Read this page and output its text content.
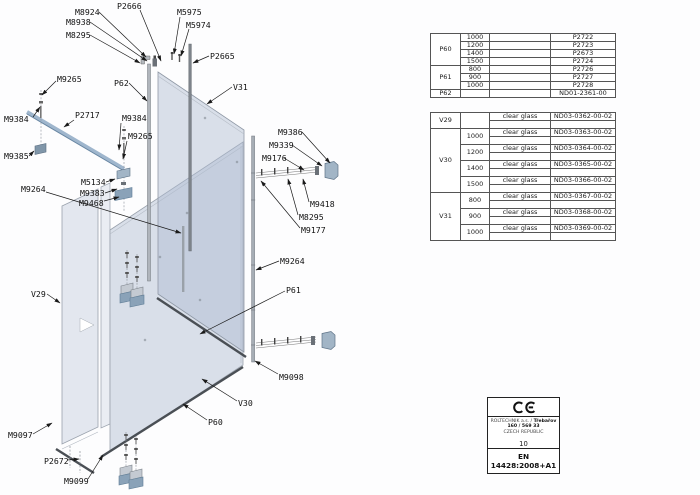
M8924
M8938
M8295
P2666
M5975
M5974
P2665
P62	V31
M9265
M9384	P2717	M9384
M9265
M9385
M5134
M9383
M9468
M9264
M9386
M9339
M9176
M9418
M8295
M9177
M9264
P61
M9098
V30
P60
V29
M9097
P2672
M9099
P60	1000		P2722
	1200		P2723
	1400		P2673
	1500		P2724
P61	800		P2726
	900		P2727
	1000		P2728
P62			ND01-2361-00
V29		clear glass	ND03-0362-00-02

V30	1000	clear glass	ND03-0363-00-02

	1200	clear glass	ND03-0364-00-02

	1400	clear glass	ND03-0365-00-02

	1500	clear glass	ND03-0366-00-02

V31	800	clear glass	ND03-0367-00-02

	900	clear glass	ND03-0368-00-02

	1000	clear glass	ND03-0369-00-02

ROLTECHNIK a.s. / Třebařov 160 / 569 33
CZECH REPUBLIC
10
EN 14428:2008+A1
